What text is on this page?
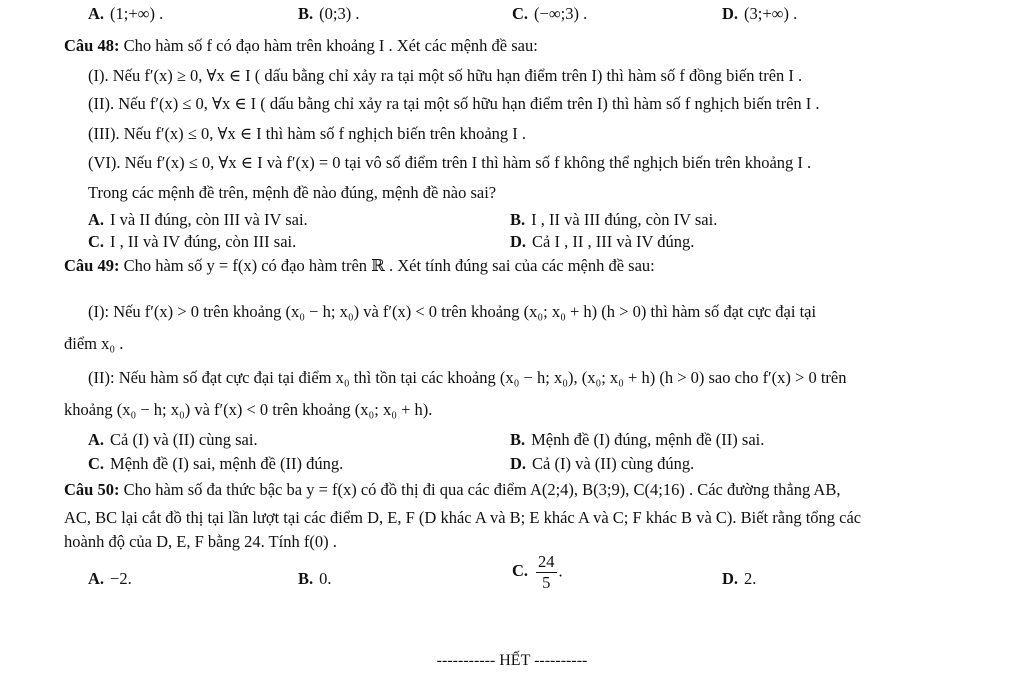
A. (1;+∞) .	B. (0;3) .	C. (−∞;3) .	D. (3;+∞) .
Câu 48: Cho hàm số f có đạo hàm trên khoảng I . Xét các mệnh đề sau:
(I). Nếu f′(x) ≥ 0, ∀x ∈ I ( dấu bằng chỉ xảy ra tại một số hữu hạn điểm trên I) thì hàm số f đồng biến trên I .
(II). Nếu f′(x) ≤ 0, ∀x ∈ I ( dấu bằng chỉ xảy ra tại một số hữu hạn điểm trên I) thì hàm số f nghịch biến trên I .
(III). Nếu f′(x) ≤ 0, ∀x ∈ I thì hàm số f nghịch biến trên khoảng I .
(VI). Nếu f′(x) ≤ 0, ∀x ∈ I và f′(x) = 0 tại vô số điểm trên I thì hàm số f không thể nghịch biến trên khoảng I .
Trong các mệnh đề trên, mệnh đề nào đúng, mệnh đề nào sai?
A. I và II đúng, còn III và IV sai.	B. I , II và III đúng, còn IV sai.
C. I , II và IV đúng, còn III sai.	D. Cả I , II , III và IV đúng.
Câu 49: Cho hàm số y = f(x) có đạo hàm trên ℝ . Xét tính đúng sai của các mệnh đề sau:
(I): Nếu f′(x) > 0 trên khoảng (x₀ − h; x₀) và f′(x) < 0 trên khoảng (x₀; x₀ + h) (h > 0) thì hàm số đạt cực đại tại
điểm x₀ .
(II): Nếu hàm số đạt cực đại tại điểm x₀ thì tồn tại các khoảng (x₀ − h; x₀), (x₀; x₀ + h) (h > 0) sao cho f′(x) > 0 trên
khoảng (x₀ − h; x₀) và f′(x) < 0 trên khoảng (x₀; x₀ + h).
A. Cả (I) và (II) cùng sai.	B. Mệnh đề (I) đúng, mệnh đề (II) sai.
C. Mệnh đề (I) sai, mệnh đề (II) đúng.	D. Cả (I) và (II) cùng đúng.
Câu 50: Cho hàm số đa thức bậc ba y = f(x) có đồ thị đi qua các điểm A(2;4), B(3;9), C(4;16) . Các đường thẳng AB,
AC, BC lại cắt đồ thị tại lần lượt tại các điểm D, E, F (D khác A và B; E khác A và C; F khác B và C). Biết rằng tổng các
hoành độ của D, E, F bằng 24. Tính f(0) .
A. −2.	B. 0.	C. $\frac{24}{5}$ .	D. 2.
----------- HẾT ----------
